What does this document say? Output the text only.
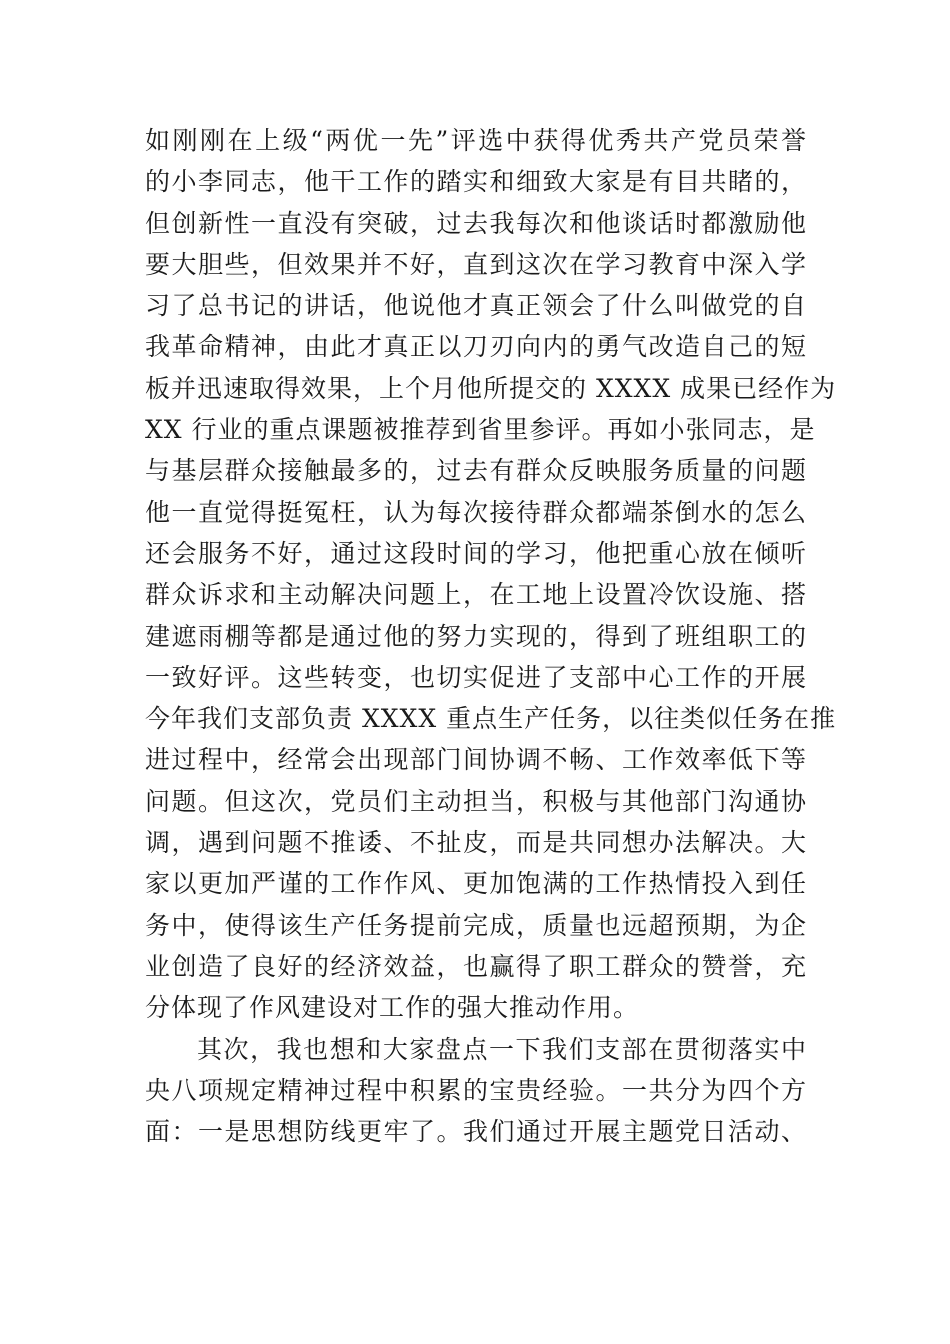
如刚刚在上级“两优一先”评选中获得优秀共产党员荣誉
的小李同志，他干工作的踏实和细致大家是有目共睹的，
但创新性一直没有突破，过去我每次和他谈话时都激励他
要大胆些，但效果并不好，直到这次在学习教育中深入学
习了总书记的讲话，他说他才真正领会了什么叫做党的自
我革命精神，由此才真正以刀刃向内的勇气改造自己的短
板并迅速取得效果，上个月他所提交的 XXXX 成果已经作为
XX 行业的重点课题被推荐到省里参评。再如小张同志，是
与基层群众接触最多的，过去有群众反映服务质量的问题
他一直觉得挺冤枉，认为每次接待群众都端茶倒水的怎么
还会服务不好，通过这段时间的学习，他把重心放在倾听
群众诉求和主动解决问题上，在工地上设置冷饮设施、搭
建遮雨棚等都是通过他的努力实现的，得到了班组职工的
一致好评。这些转变，也切实促进了支部中心工作的开展
今年我们支部负责 XXXX 重点生产任务，以往类似任务在推
进过程中，经常会出现部门间协调不畅、工作效率低下等
问题。但这次，党员们主动担当，积极与其他部门沟通协
调，遇到问题不推诿、不扯皮，而是共同想办法解决。大
家以更加严谨的工作作风、更加饱满的工作热情投入到任
务中，使得该生产任务提前完成，质量也远超预期，为企
业创造了良好的经济效益，也赢得了职工群众的赞誉，充
分体现了作风建设对工作的强大推动作用。
其次，我也想和大家盘点一下我们支部在贯彻落实中
央八项规定精神过程中积累的宝贵经验。一共分为四个方
面：一是思想防线更牢了。我们通过开展主题党日活动、
